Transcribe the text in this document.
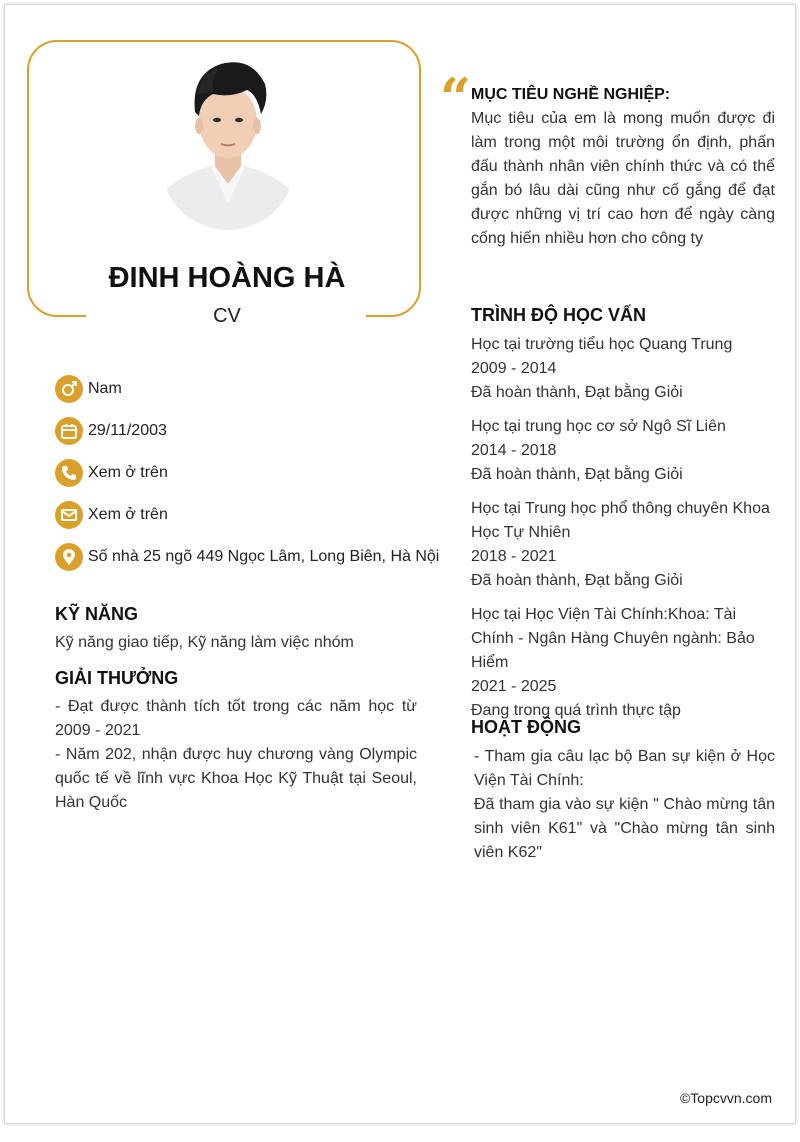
ĐINH HOÀNG HÀ
CV
Nam
29/11/2003
Xem ở trên
Xem ở trên
Số nhà 25 ngõ 449 Ngọc Lâm, Long Biên, Hà Nội
KỸ NĂNG
Kỹ năng giao tiếp, Kỹ năng làm việc nhóm
GIẢI THƯỞNG
- Đạt được thành tích tốt trong các năm học từ 2009 - 2021
- Năm 202, nhận được huy chương vàng Olympic quốc tế về lĩnh vực Khoa Học Kỹ Thuật tại Seoul, Hàn Quốc
“ MỤC TIÊU NGHỀ NGHIỆP:
Mục tiêu của em là mong muốn được đi làm trong một môi trường ổn định, phấn đấu thành nhân viên chính thức và có thể gắn bó lâu dài cũng như cố gắng để đạt được những vị trí cao hơn để ngày càng cống hiến nhiều hơn cho công ty
TRÌNH ĐỘ HỌC VẤN
Học tại trường tiểu học Quang Trung
2009 - 2014
Đã hoàn thành, Đạt bằng Giỏi
Học tại trung học cơ sở Ngô Sĩ Liên
2014 - 2018
Đã hoàn thành, Đạt bằng Giỏi
Học tại Trung học phổ thông chuyên Khoa Học Tự Nhiên
2018 - 2021
Đã hoàn thành, Đạt bằng Giỏi
Học tại Học Viện Tài Chính:Khoa: Tài Chính - Ngân Hàng Chuyên ngành: Bảo Hiểm
2021 - 2025
Đang trong quá trình thực tập
HOẠT ĐỘNG
- Tham gia câu lạc bộ Ban sự kiện ở Học Viện Tài Chính:
Đã tham gia vào sự kiện " Chào mừng tân sinh viên K61" và "Chào mừng tân sinh viên K62"
©Topcvvn.com
